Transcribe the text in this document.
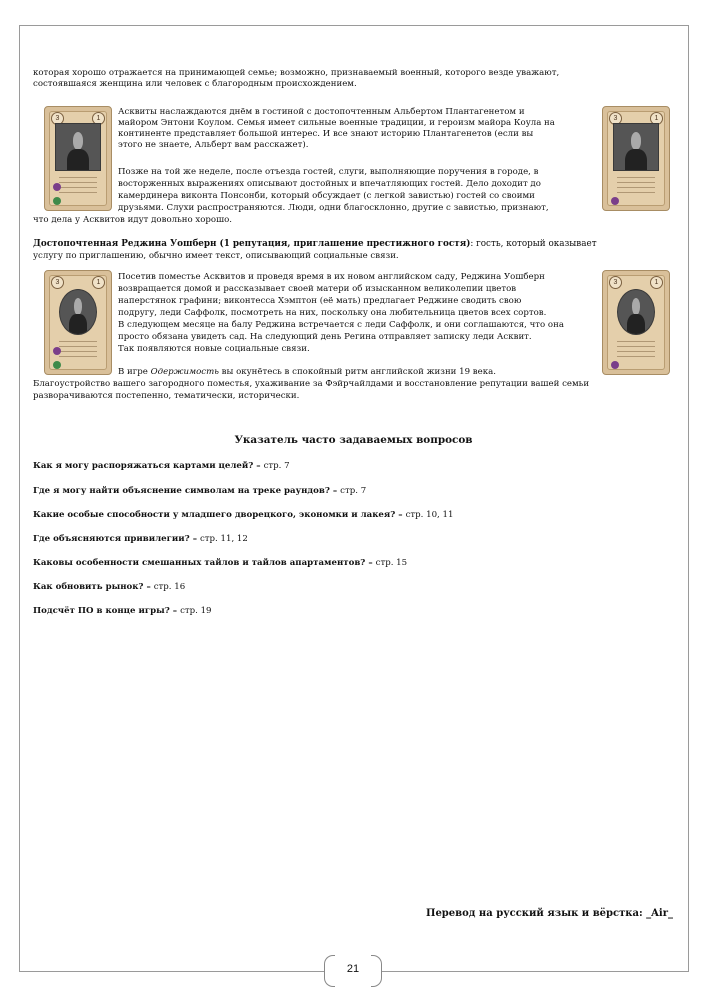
21
которая хорошо отражается на принимающей семье; возможно, признаваемый военный, которого везде уважают,
состоявшаяся женщина или человек с благородным происхождением.
3	1	3	1
Асквиты наслаждаются днём в гостиной с достопочтенным Альбертом Плантагенетом и
майором Энтони Коулом. Семья имеет сильные военные традиции, и героизм майора Коула на
континенте представляет большой интерес. И все знают историю Плантагенетов (если вы
этого не знаете, Альберт вам расскажет).
Позже на той же неделе, после отъезда гостей, слуги, выполняющие поручения в городе, в
восторженных выражениях описывают достойных и впечатляющих гостей. Дело доходит до
камердинера виконта Понсонби, который обсуждает (с легкой завистью) гостей со своими
друзьями. Слухи распространяются. Люди, одни благосклонно, другие с завистью, признают,
что дела у Асквитов идут довольно хорошо.
Достопочтенная Реджина Уошберн (1 репутация, приглашение престижного гостя): гость, который оказывает
услугу по приглашению, обычно имеет текст, описывающий социальные связи.
3	1	3	1
Посетив поместье Асквитов и проведя время в их новом английском саду, Реджина Уошберн
возвращается домой и рассказывает своей матери об изысканном великолепии цветов
наперстянок графини; виконтесса Хэмптон (её мать) предлагает Реджине сводить свою
подругу, леди Саффолк, посмотреть на них, поскольку она любительница цветов всех сортов.
В следующем месяце на балу Реджина встречается с леди Саффолк, и они соглашаются, что она
просто обязана увидеть сад. На следующий день Регина отправляет записку леди Асквит.
Так появляются новые социальные связи.
В игре Одержимость вы окунётесь в спокойный ритм английской жизни 19 века.
Благоустройство вашего загородного поместья, ухаживание за Фэйрчайлдами и восстановление репутации вашей семьи
разворачиваются постепенно, тематически, исторически.
Указатель часто задаваемых вопросов
Как я могу распоряжаться картами целей? – стр. 7
Где я могу найти объяснение символам на треке раундов? – стр. 7
Какие особые способности у младшего дворецкого, экономки и лакея? – стр. 10, 11
Где объясняются привилегии? – стр. 11, 12
Каковы особенности смешанных тайлов и тайлов апартаментов? – стр. 15
Как обновить рынок? – стр. 16
Подсчёт ПО в конце игры? – стр. 19
Перевод на русский язык и вёрстка: _Air_
